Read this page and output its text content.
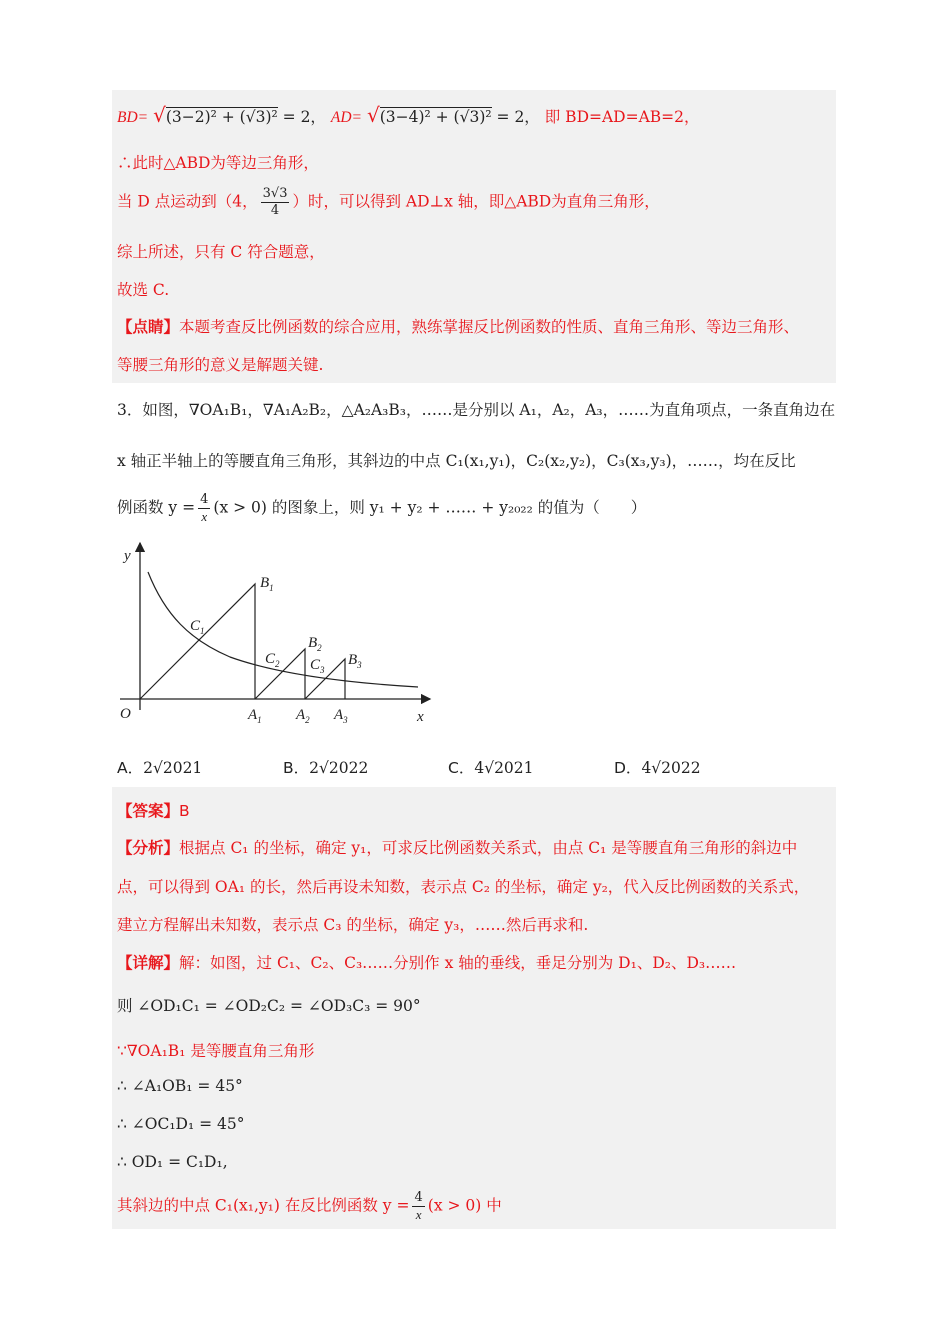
BD= √(3−2)² + (√3)² = 2， AD= √(3−4)² + (√3)² = 2， 即 BD=AD=AB=2，
∴此时△ABD为等边三角形，
当 D 点运动到（4， $\frac{3√3}{4}$ ）时，可以得到 AD⊥x 轴，即△ABD为直角三角形，
综上所述，只有 C 符合题意，
故选 C.
【点睛】本题考查反比例函数的综合应用，熟练掌握反比例函数的性质、直角三角形、等边三角形、
等腰三角形的意义是解题关键.
3．如图，∇OA₁B₁，∇A₁A₂B₂，△A₂A₃B₃，……是分别以 A₁，A₂，A₃，……为直角项点，一条直角边在
x 轴正半轴上的等腰直角三角形，其斜边的中点 C₁(x₁,y₁)，C₂(x₂,y₂)，C₃(x₃,y₃)，……，均在反比
例函数 $y = \frac{4}{x} (x > 0)$ 的图象上，则 y₁ + y₂ + …… + y₂₀₂₂ 的值为（　　）
y
x
O
$B_1$
$C_1$
$B_2$
$C_2$ $C_3$
$B_3$
$A_1$ $A_2$ $A_3$
A．2√2021	B．2√2022	C．4√2021	D．4√2022
【答案】B
【分析】根据点 C₁ 的坐标，确定 y₁，可求反比例函数关系式，由点 C₁ 是等腰直角三角形的斜边中
点，可以得到 OA₁ 的长，然后再设未知数，表示点 C₂ 的坐标，确定 y₂，代入反比例函数的关系式，
建立方程解出未知数，表示点 C₃ 的坐标，确定 y₃，……然后再求和.
【详解】解：如图，过 C₁、C₂、C₃……分别作 x 轴的垂线，垂足分别为 D₁、D₂、D₃……
则 ∠OD₁C₁ = ∠OD₂C₂ = ∠OD₃C₃ = 90°
∵∇OA₁B₁ 是等腰直角三角形
∴ ∠A₁OB₁ = 45°
∴ ∠OC₁D₁ = 45°
∴ OD₁ = C₁D₁,
其斜边的中点 C₁(x₁,y₁) 在反比例函数 $y = \frac{4}{x} (x > 0)$ 中
